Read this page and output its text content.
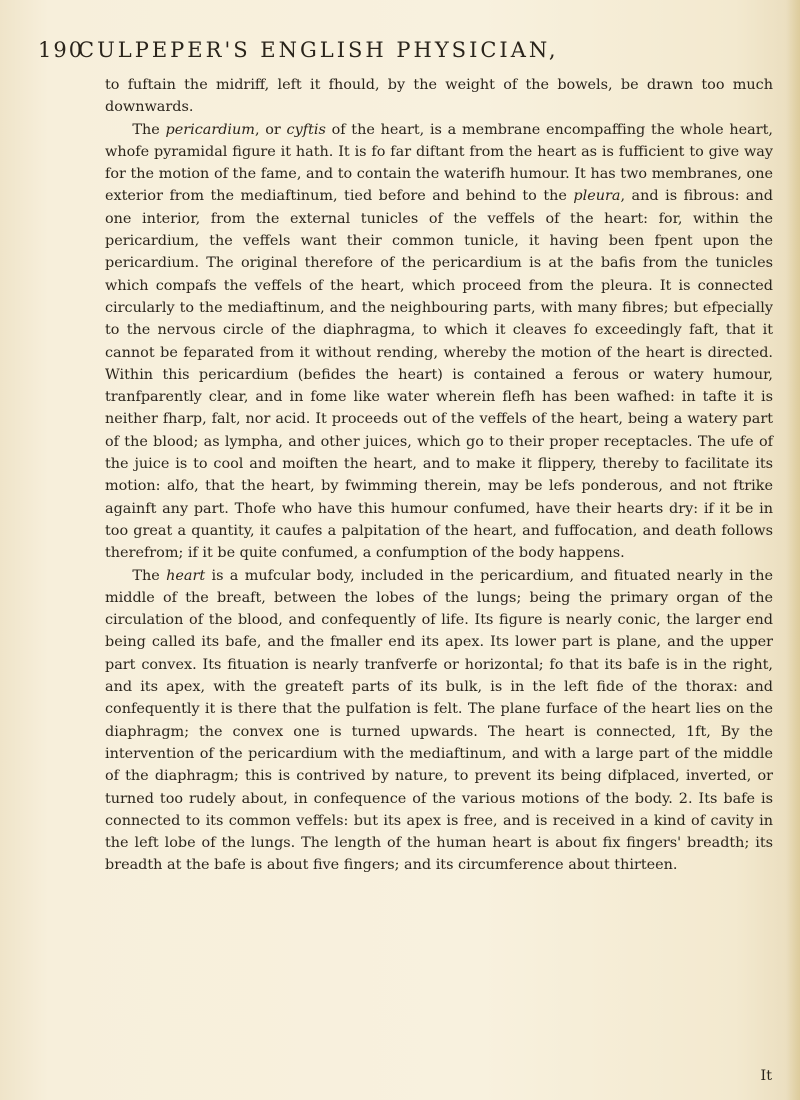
190CULPEPER'S ENGLISH PHYSICIAN,

to fuftain the midriff, left it fhould, by the weight of the bowels, be drawn too much downwards.

The pericardium, or cyftis of the heart, is a membrane encompaffing the whole heart, whofe pyramidal figure it hath. It is fo far diftant from the heart as is fufficient to give way for the motion of the fame, and to contain the waterifh humour. It has two membranes, one exterior from the mediaftinum, tied before and behind to the pleura, and is fibrous: and one interior, from the external tunicles of the veffels of the heart: for, within the pericardium, the veffels want their common tunicle, it having been fpent upon the pericardium. The original therefore of the pericardium is at the bafis from the tunicles which compafs the veffels of the heart, which proceed from the pleura. It is connected circularly to the mediaftinum, and the neighbouring parts, with many fibres; but efpecially to the nervous circle of the diaphragma, to which it cleaves fo exceedingly faft, that it cannot be feparated from it without rending, whereby the motion of the heart is directed. Within this pericardium (befides the heart) is contained a ferous or watery humour, tranfparently clear, and in fome like water wherein flefh has been wafhed: in tafte it is neither fharp, falt, nor acid. It proceeds out of the veffels of the heart, being a watery part of the blood; as lympha, and other juices, which go to their proper receptacles. The ufe of the juice is to cool and moiften the heart, and to make it flippery, thereby to facilitate its motion: alfo, that the heart, by fwimming therein, may be lefs ponderous, and not ftrike againft any part. Thofe who have this humour confumed, have their hearts dry: if it be in too great a quantity, it caufes a palpitation of the heart, and fuffocation, and death follows therefrom; if it be quite confumed, a confumption of the body happens.

The heart is a mufcular body, included in the pericardium, and fituated nearly in the middle of the breaft, between the lobes of the lungs; being the primary organ of the circulation of the blood, and confequently of life. Its figure is nearly conic, the larger end being called its bafe, and the fmaller end its apex. Its lower part is plane, and the upper part convex. Its fituation is nearly tranfverfe or horizontal; fo that its bafe is in the right, and its apex, with the greateft parts of its bulk, is in the left fide of the thorax: and confequently it is there that the pulfation is felt. The plane furface of the heart lies on the diaphragm; the convex one is turned upwards. The heart is connected, 1ft, By the intervention of the pericardium with the mediaftinum, and with a large part of the middle of the diaphragm; this is contrived by nature, to prevent its being difplaced, inverted, or turned too rudely about, in confequence of the various motions of the body. 2. Its bafe is connected to its common veffels: but its apex is free, and is received in a kind of cavity in the left lobe of the lungs. The length of the human heart is about fix fingers' breadth; its breadth at the bafe is about five fingers; and its circumference about thirteen.

It
